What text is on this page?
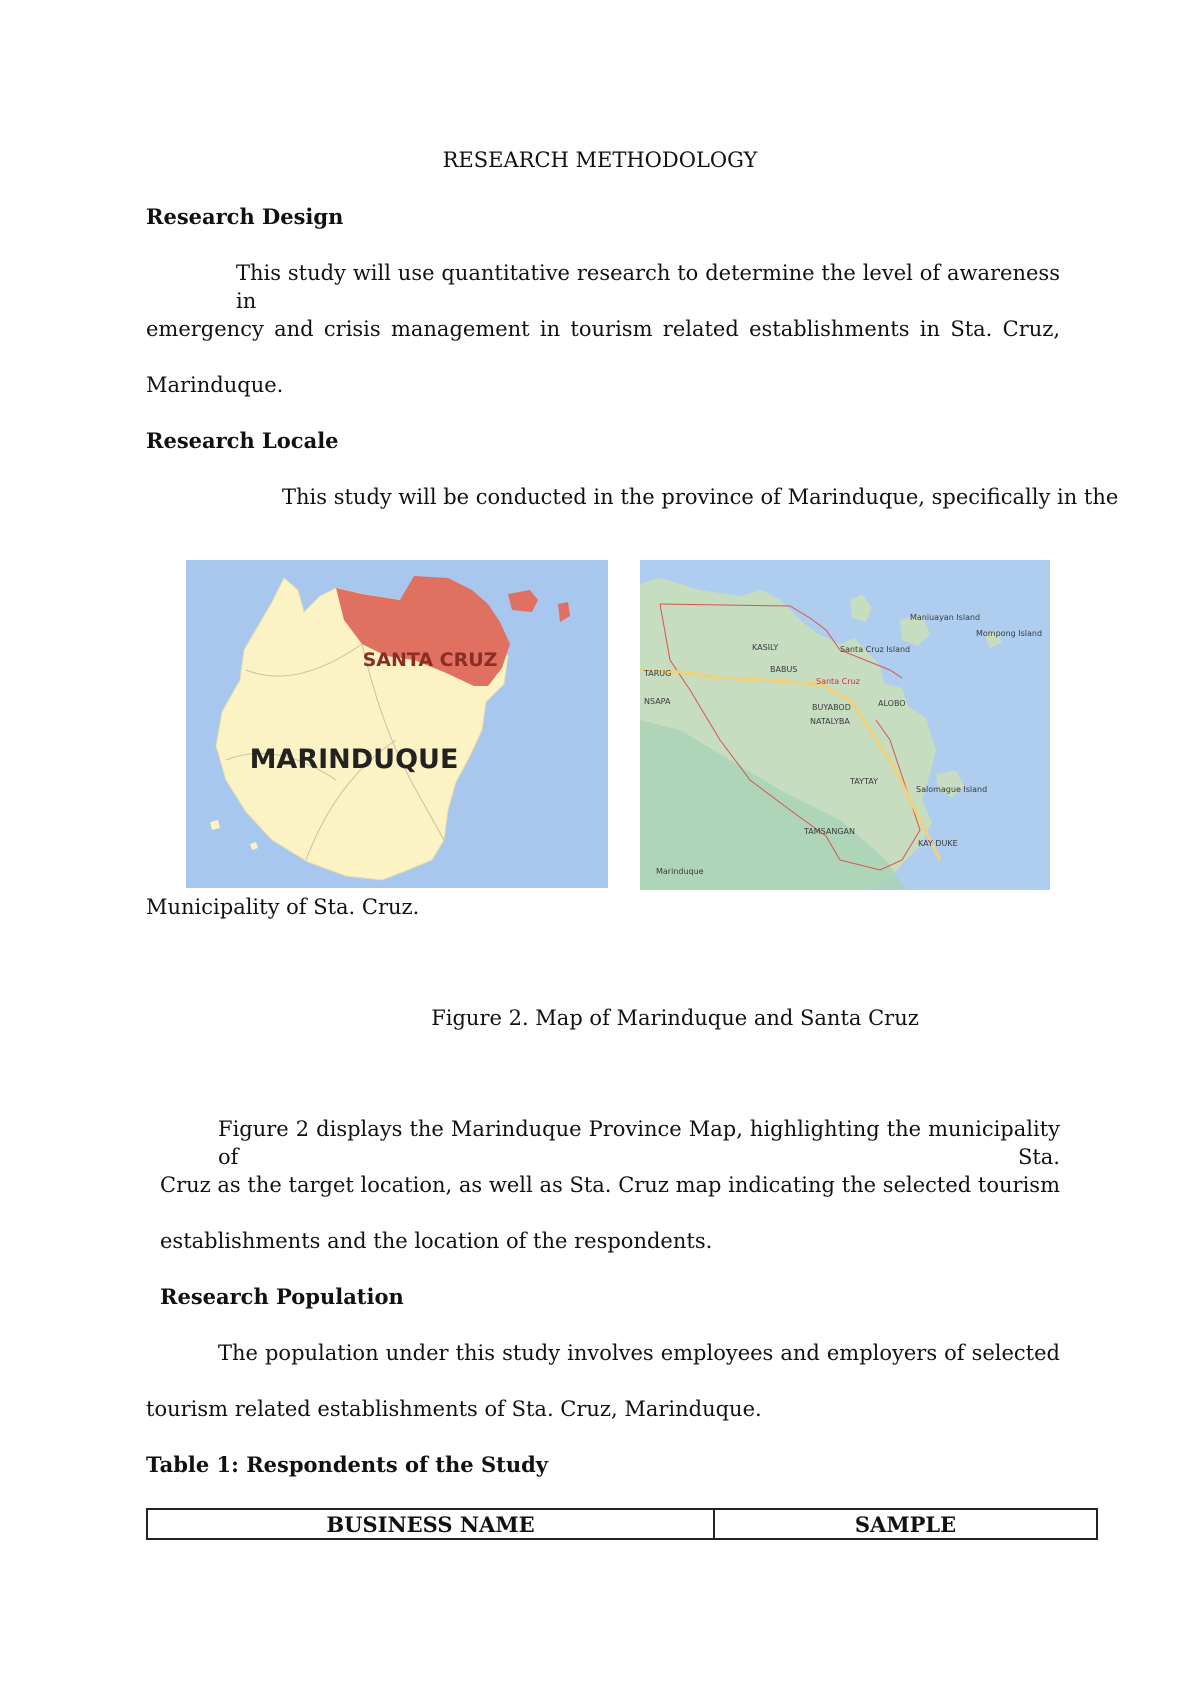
RESEARCH METHODOLOGY

Research Design

This study will use quantitative research to determine the level of awareness in

emergency and crisis management in tourism related establishments in Sta. Cruz,

Marinduque.

Research Locale

This study will be conducted in the province of Marinduque, specifically in the

SANTA CRUZ
MARINDUQUE
Maniuayan Island
Mompong Island
Santa Cruz Island
KASILY
BABUS
Santa Cruz
TARUG
NSAPA
BUYABOD	ALOBO
NATALYBA
TAYTAY
Salomague Island
TAMSANGAN
KAY DUKE
Marinduque

Municipality of Sta. Cruz.

Figure 2. Map of Marinduque and Santa Cruz

Figure 2 displays the Marinduque Province Map, highlighting the municipality of Sta.

Cruz as the target location, as well as Sta. Cruz map indicating the selected tourism

establishments and the location of the respondents.

Research Population

The population under this study involves employees and employers of selected

tourism related establishments of Sta. Cruz, Marinduque.

Table 1: Respondents of the Study

BUSINESS NAME	SAMPLE
